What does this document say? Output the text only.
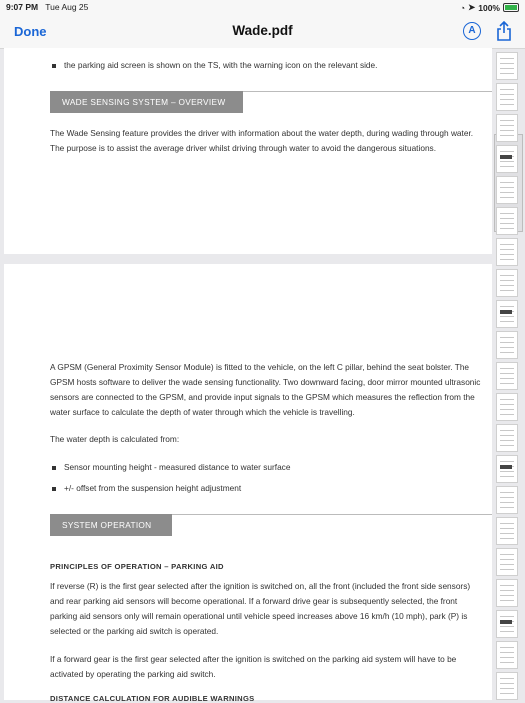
9:07 PM Tue Aug 25	◔ ➤ 100%
Done	Wade.pdf	A
the parking aid screen is shown on the TS, with the warning icon on the relevant side.
WADE SENSING SYSTEM – OVERVIEW
The Wade Sensing feature provides the driver with information about the water depth, during wading through water.
The purpose is to assist the average driver whilst driving through water to avoid the dangerous situations.
A GPSM (General Proximity Sensor Module) is fitted to the vehicle, on the left C pillar, behind the seat bolster. The
GPSM hosts software to deliver the wade sensing functionality. Two downward facing, door mirror mounted ultrasonic
sensors are connected to the GPSM, and provide input signals to the GPSM which measures the reflection from the
water surface to calculate the depth of water through which the vehicle is travelling.
The water depth is calculated from:
Sensor mounting height - measured distance to water surface
+/- offset from the suspension height adjustment
SYSTEM OPERATION
PRINCIPLES OF OPERATION – PARKING AID
If reverse (R) is the first gear selected after the ignition is switched on, all the front (included the front side sensors)
and rear parking aid sensors will become operational. If a forward drive gear is subsequently selected, the front
parking aid sensors only will remain operational until vehicle speed increases above 16 km/h (10 mph), park (P) is
selected or the parking aid switch is operated.
If a forward gear is the first gear selected after the ignition is switched on the parking aid system will have to be
activated by operating the parking aid switch.
DISTANCE CALCULATION FOR AUDIBLE WARNINGS
